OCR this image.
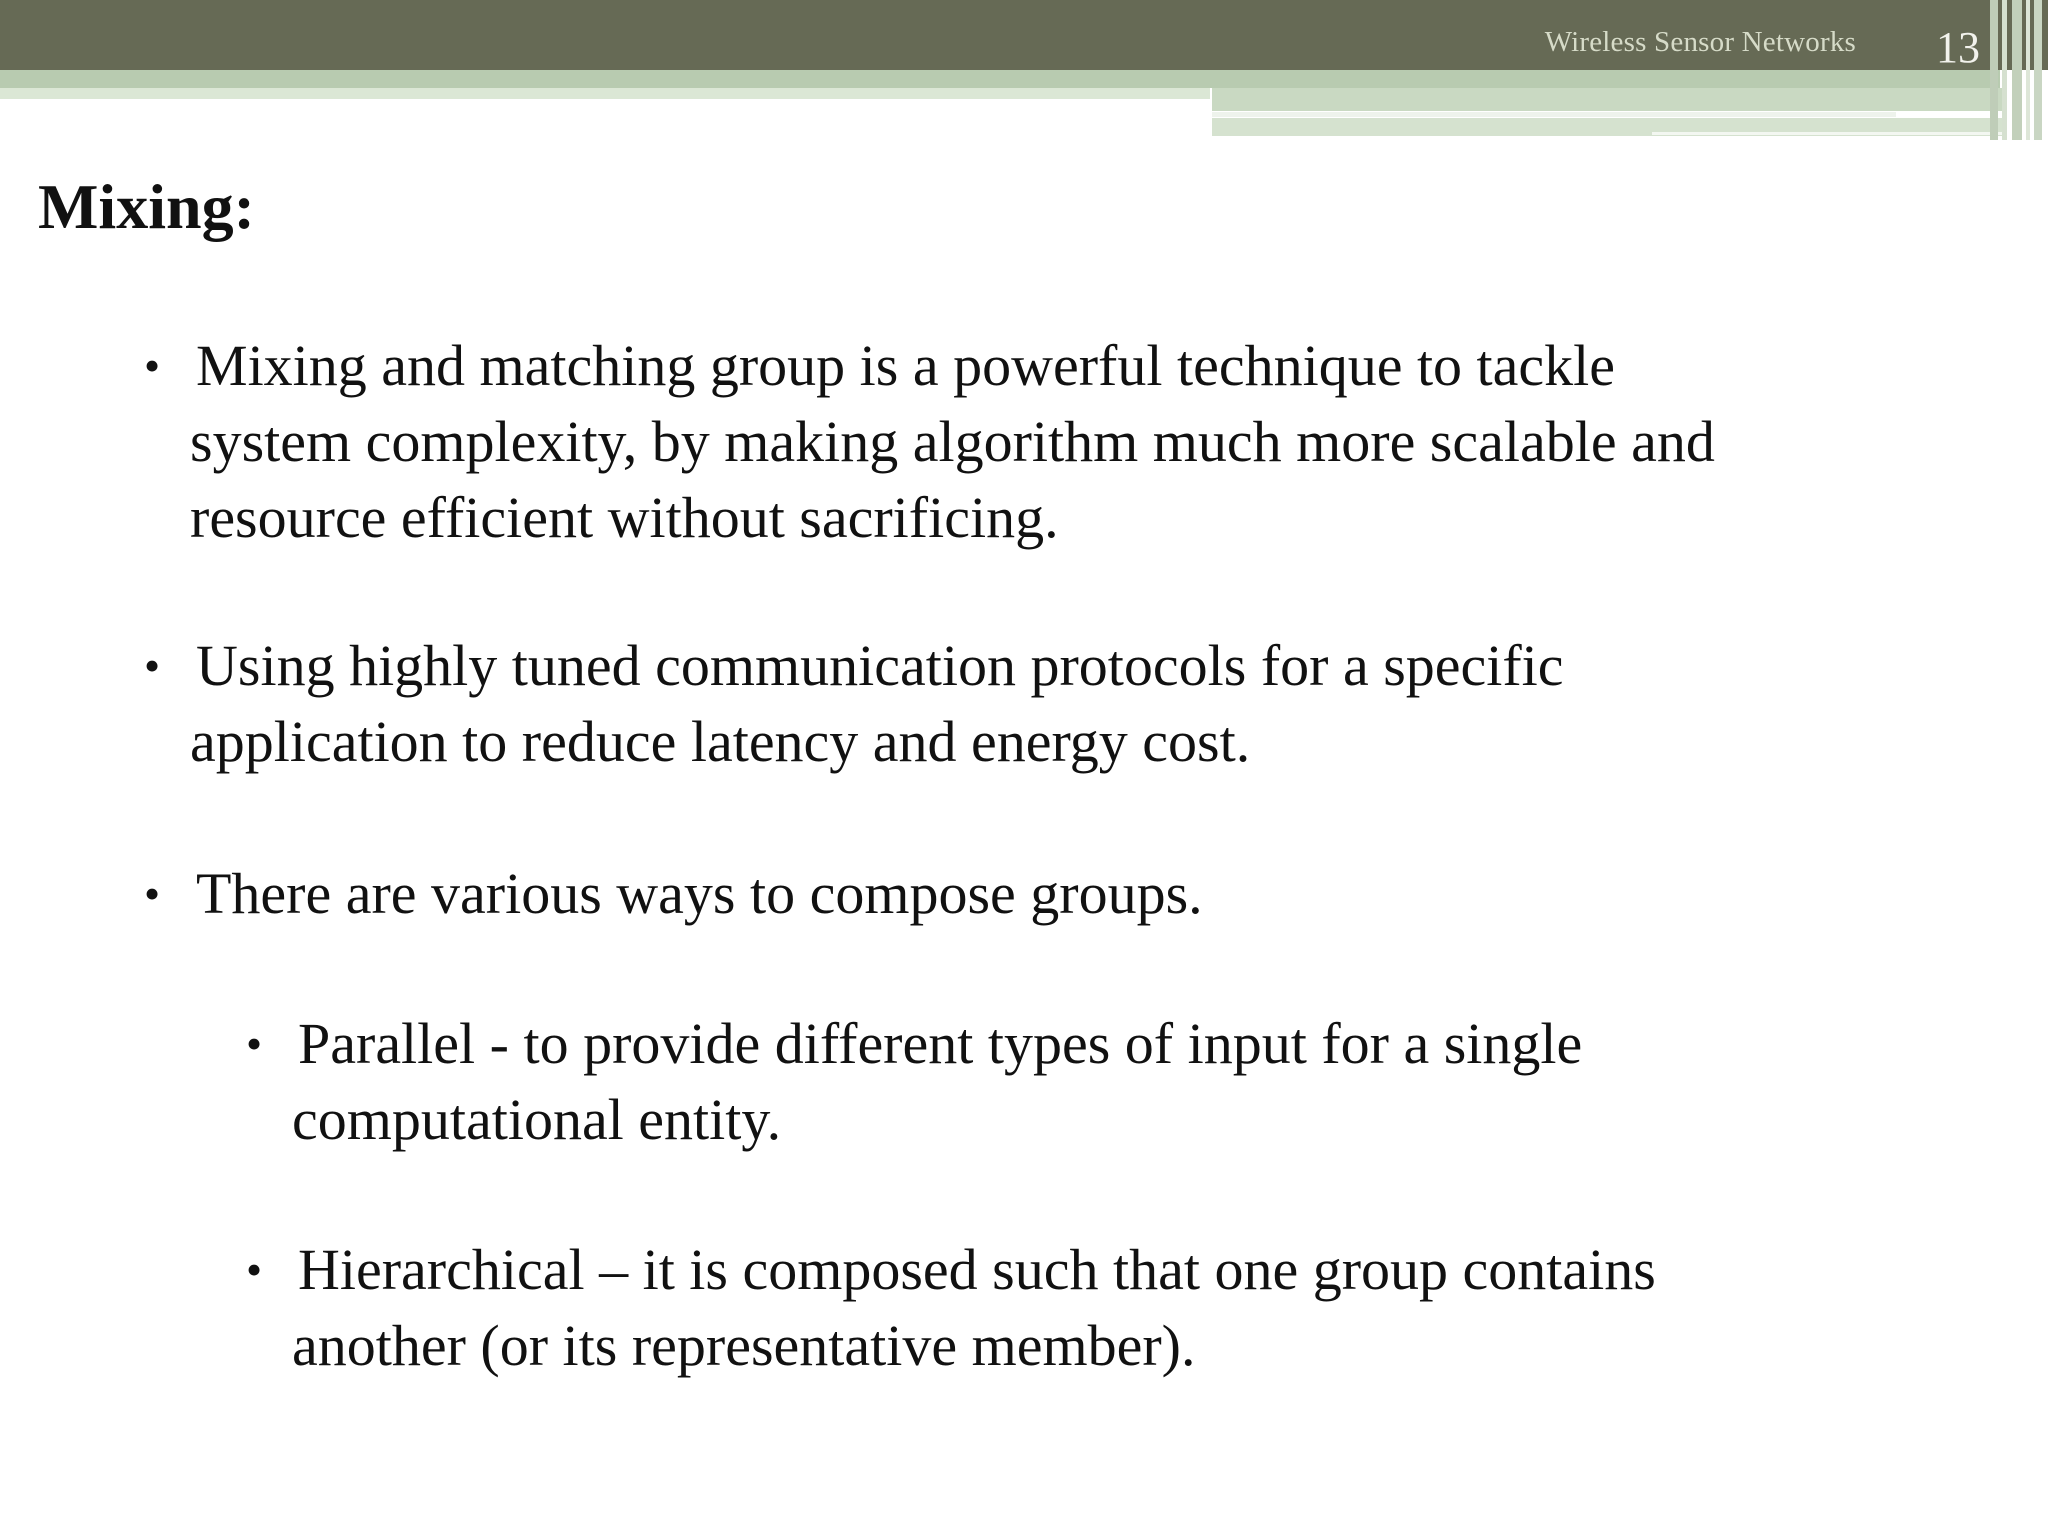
Wireless Sensor Networks 13
Mixing:
• Mixing and matching group is a powerful technique to tackle
system complexity, by making algorithm much more scalable and
resource efficient without sacrificing.
• Using highly tuned communication protocols for a specific
application to reduce latency and energy cost.
• There are various ways to compose groups.
• Parallel - to provide different types of input for a single
computational entity.
• Hierarchical – it is composed such that one group contains
another (or its representative member).
